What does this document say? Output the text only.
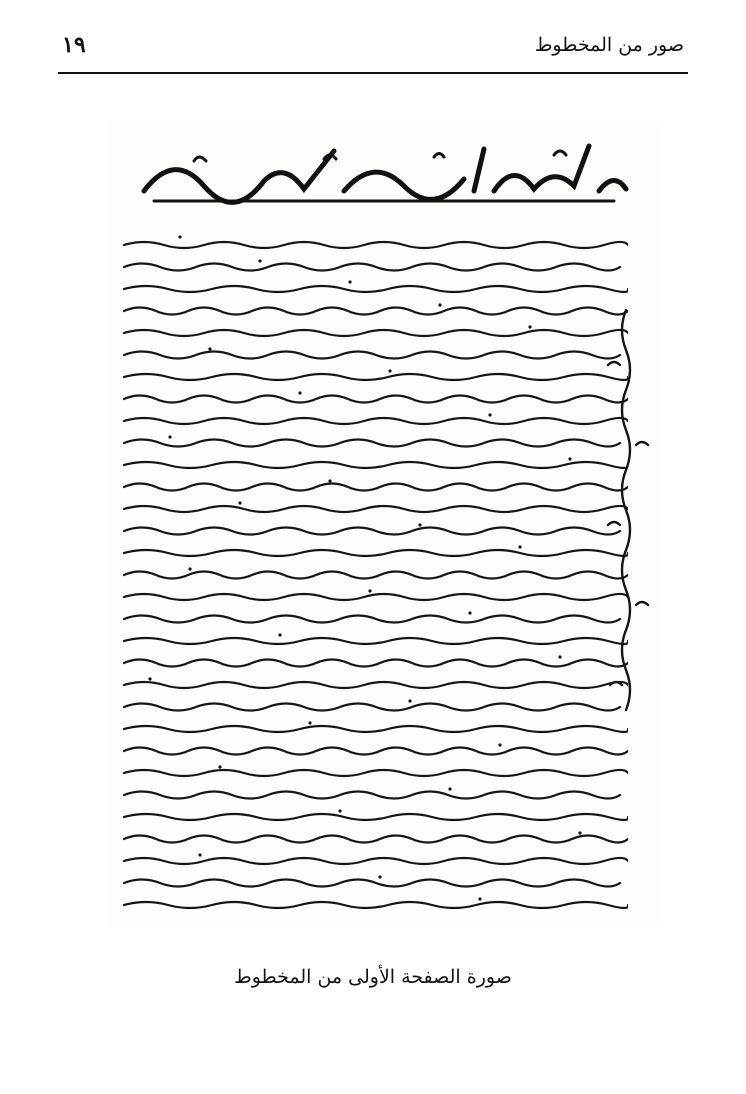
١٩	صور من المخطوط
صورة الصفحة الأولى من المخطوط
